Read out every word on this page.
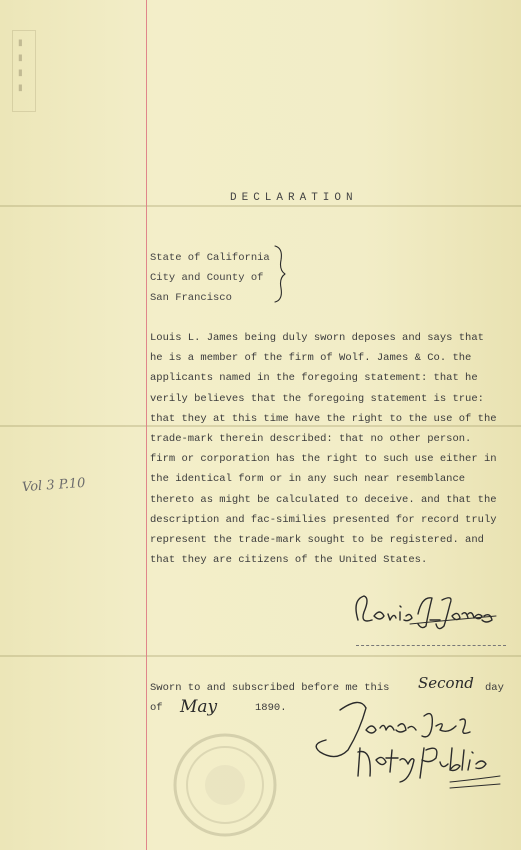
▮▮▮▮
Vol 3 P.10
DECLARATION
State of California
City and County of
San Francisco
Louis L. James being duly sworn deposes and says that
he is a member of the firm of Wolf. James & Co. the
applicants named in the foregoing statement: that he
verily believes that the foregoing statement is true:
that they at this time have the right to the use of the
trade-mark therein described: that no other person.
firm or corporation has the right to such use either in
the identical form or in any such near resemblance
thereto as might be calculated to deceive. and that the
description and fac-similies presented for record truly
represent the trade-mark sought to be registered. and
that they are citizens of the United States.
Sworn to and subscribed before me this	day
Second
of	1890.
May
